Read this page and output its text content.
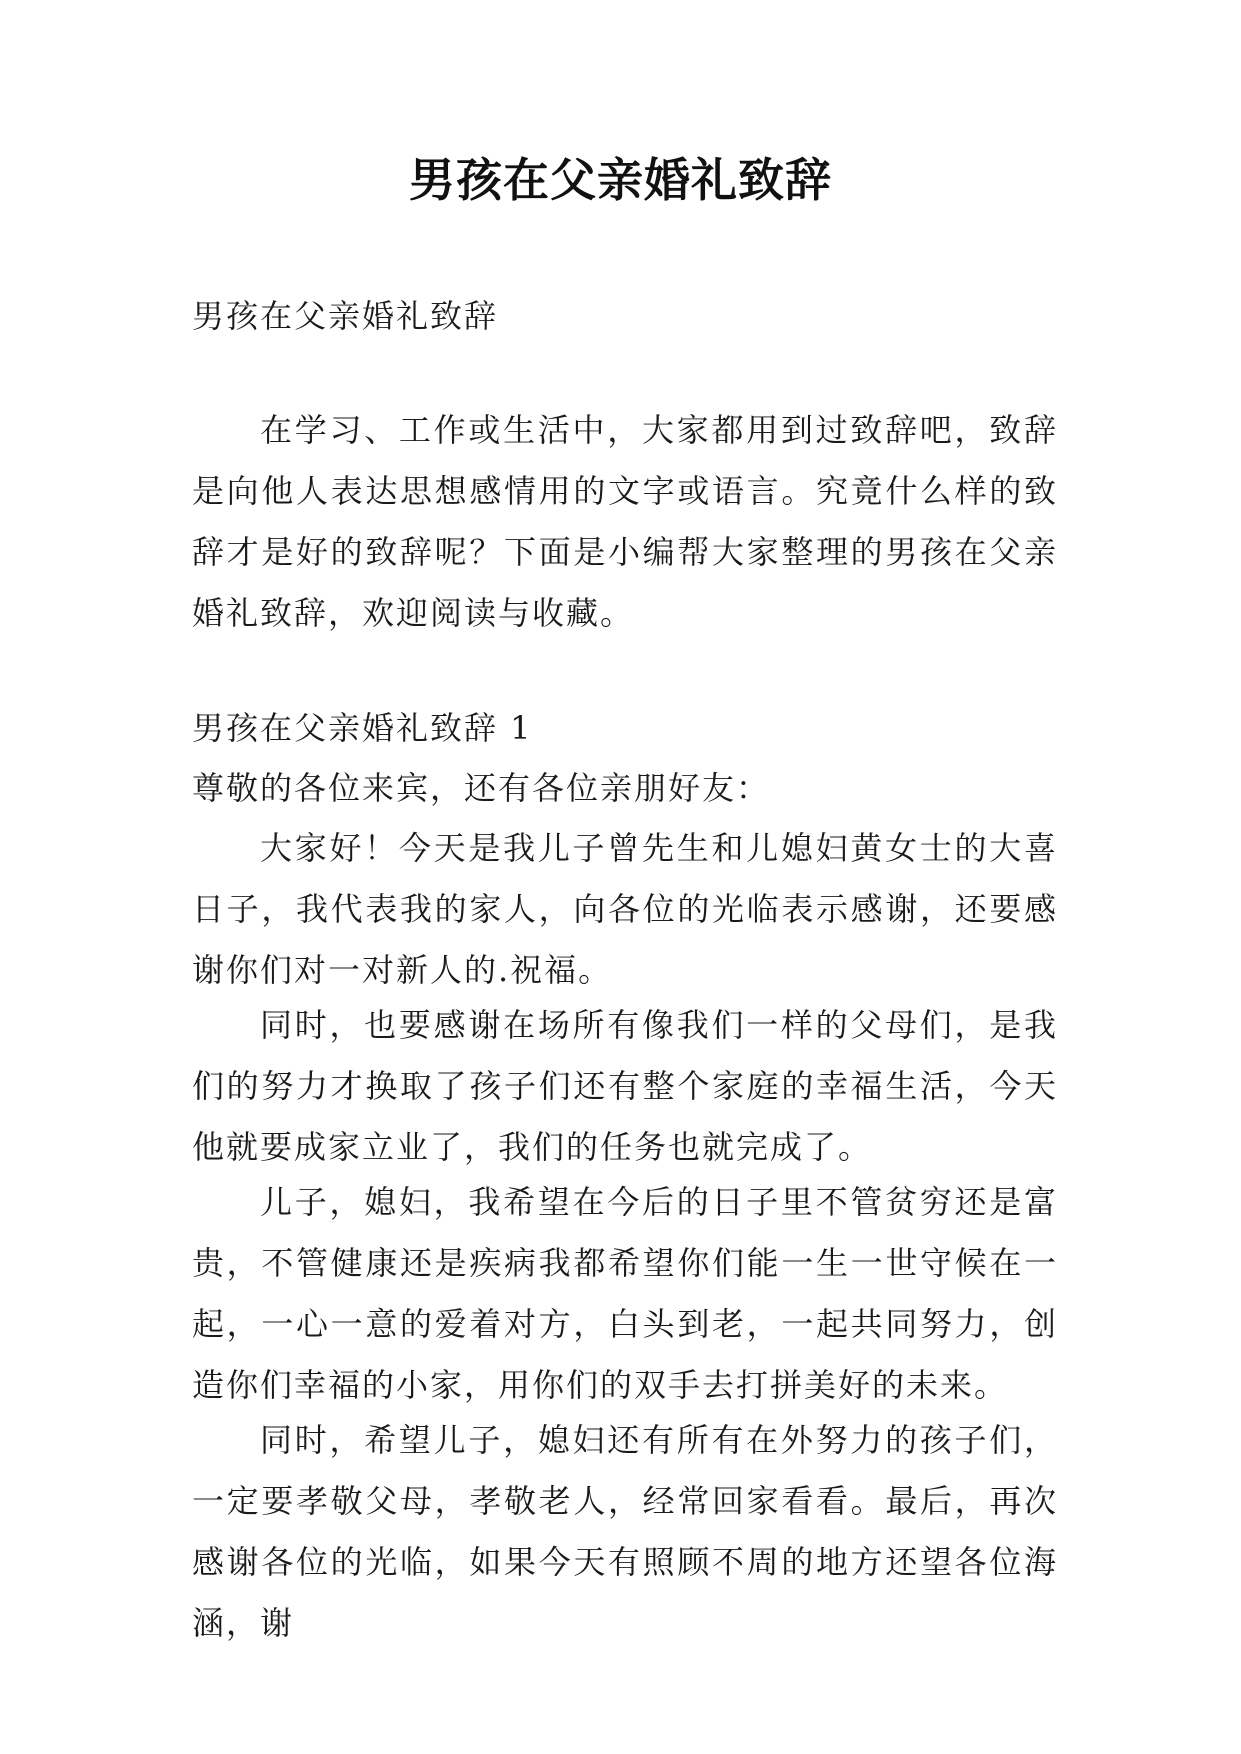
男孩在父亲婚礼致辞

男孩在父亲婚礼致辞

在学习、工作或生活中，大家都用到过致辞吧，致辞是向他人表达思想感情用的文字或语言。究竟什么样的致辞才是好的致辞呢？下面是小编帮大家整理的男孩在父亲婚礼致辞，欢迎阅读与收藏。

男孩在父亲婚礼致辞 1

尊敬的各位来宾，还有各位亲朋好友：

大家好！今天是我儿子曾先生和儿媳妇黄女士的大喜日子，我代表我的家人，向各位的光临表示感谢，还要感谢你们对一对新人的.祝福。

同时，也要感谢在场所有像我们一样的父母们，是我们的努力才换取了孩子们还有整个家庭的幸福生活，今天他就要成家立业了，我们的任务也就完成了。

儿子，媳妇，我希望在今后的日子里不管贫穷还是富贵，不管健康还是疾病我都希望你们能一生一世守候在一起，一心一意的爱着对方，白头到老，一起共同努力，创造你们幸福的小家，用你们的双手去打拼美好的未来。

同时，希望儿子，媳妇还有所有在外努力的孩子们，一定要孝敬父母，孝敬老人，经常回家看看。最后，再次感谢各位的光临，如果今天有照顾不周的地方还望各位海涵，谢
